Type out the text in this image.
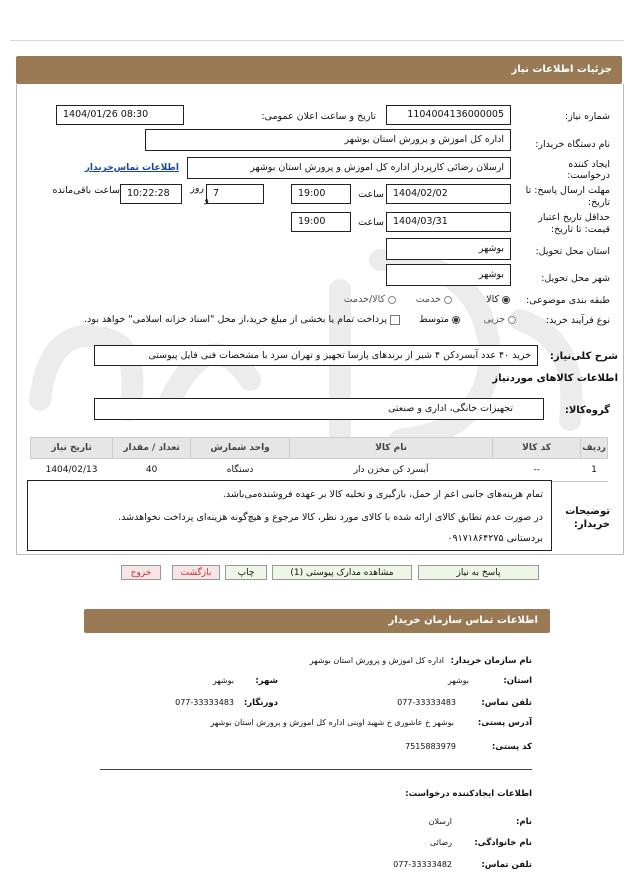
جزئیات اطلاعات نیاز
شماره نیاز:
1104004136000005
تاریخ و ساعت اعلان عمومی:
1404/01/26 08:30
نام دستگاه خریدار:
اداره کل اموزش و پرورش استان بوشهر
ایجاد کننده
درخواست:
ارسلان رضائی کارپرداز اداره کل اموزش و پرورش استان بوشهر
اطلاعات تماس‌خریدار
مهلت ارسال پاسخ: تا
تاریخ:
1404/02/02
ساعت
19:00
7
روز
و
10:22:28
ساعت باقی‌مانده
حداقل تاریخ اعتبار
قیمت: تا تاریخ:
1404/03/31
ساعت
19:00
استان محل تحویل:
بوشهر
شهر محل تحویل:
بوشهر
طبقه بندی موضوعی:
کالا
خدمت
کالا/خدمت
نوع فرآیند خرید:
جزیی
متوسط
پرداخت تمام یا بخشی از مبلغ خرید،از محل "اسناد خزانه اسلامی" خواهد بود.
شرح کلی‌نیاز:
خرید ۴۰ عدد آبسردکن ۴ شیر از برندهای پارسا تجهیز و تهران سرد با مشخصات فنی فایل پیوستی
اطلاعات کالاهای موردنیاز
گروه‌کالا:
تجهیزات خانگی، اداری و صنعتی
ردیف	کد کالا	نام کالا	واحد شمارش	تعداد / مقدار	تاریخ نیاز
1	--	آبسرد کن مخزن دار	دستگاه	40	1404/02/13
توضیحات
خریدار:
تمام هزینه‌های جانبی اعم از حمل، بارگیری و تخلیه کالا بر عهده فروشنده‌می‌باشد.
در صورت عدم تطابق کالای ارائه شده با کالای مورد نظر، کالا مرجوع و هیچ‌گونه هزینه‌ای پرداخت نخواهدشد.
بردستانی ۰۹۱۷۱۸۶۴۲۷۵
پاسخ به نیاز
مشاهده مدارک پیوستی (1)
چاپ
بازگشت
خروج
اطلاعات تماس سازمان خریدار
نام سازمان خریدار:
اداره کل اموزش و پرورش استان بوشهر
استان:
بوشهر
شهر:
بوشهر
تلفن تماس:
077-33333483
دورنگار:
077-33333483
آدرس پستی:
بوشهر خ عاشوری خ شهید اوینی اداره کل اموزش و پرورش استان بوشهر
کد پستی:
7515883979
اطلاعات ایجادکننده درخواست:
نام:
ارسلان
نام خانوادگی:
رضائی
تلفن تماس:
077-33333482
